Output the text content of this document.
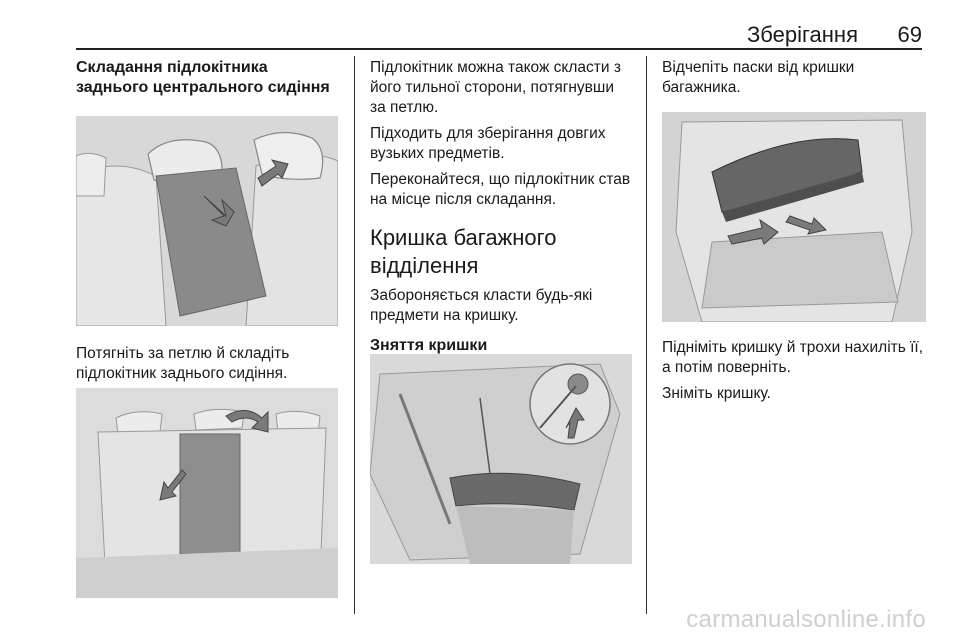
Зберігання 69
Складання підлокітника заднього центрального сидіння
Потягніть за петлю й складіть підлокітник заднього сидіння.
Підлокітник можна також скласти з його тильної сторони, потягнувши за петлю.
Підходить для зберігання довгих вузьких предметів.
Переконайтеся, що підлокітник став на місце після складання.
Кришка багажного відділення
Забороняється класти будь-які предмети на кришку.
Зняття кришки
Відчепіть паски від кришки багажника.
Підніміть кришку й трохи нахиліть її, а потім поверніть.
Зніміть кришку.
carmanualsonline.info
